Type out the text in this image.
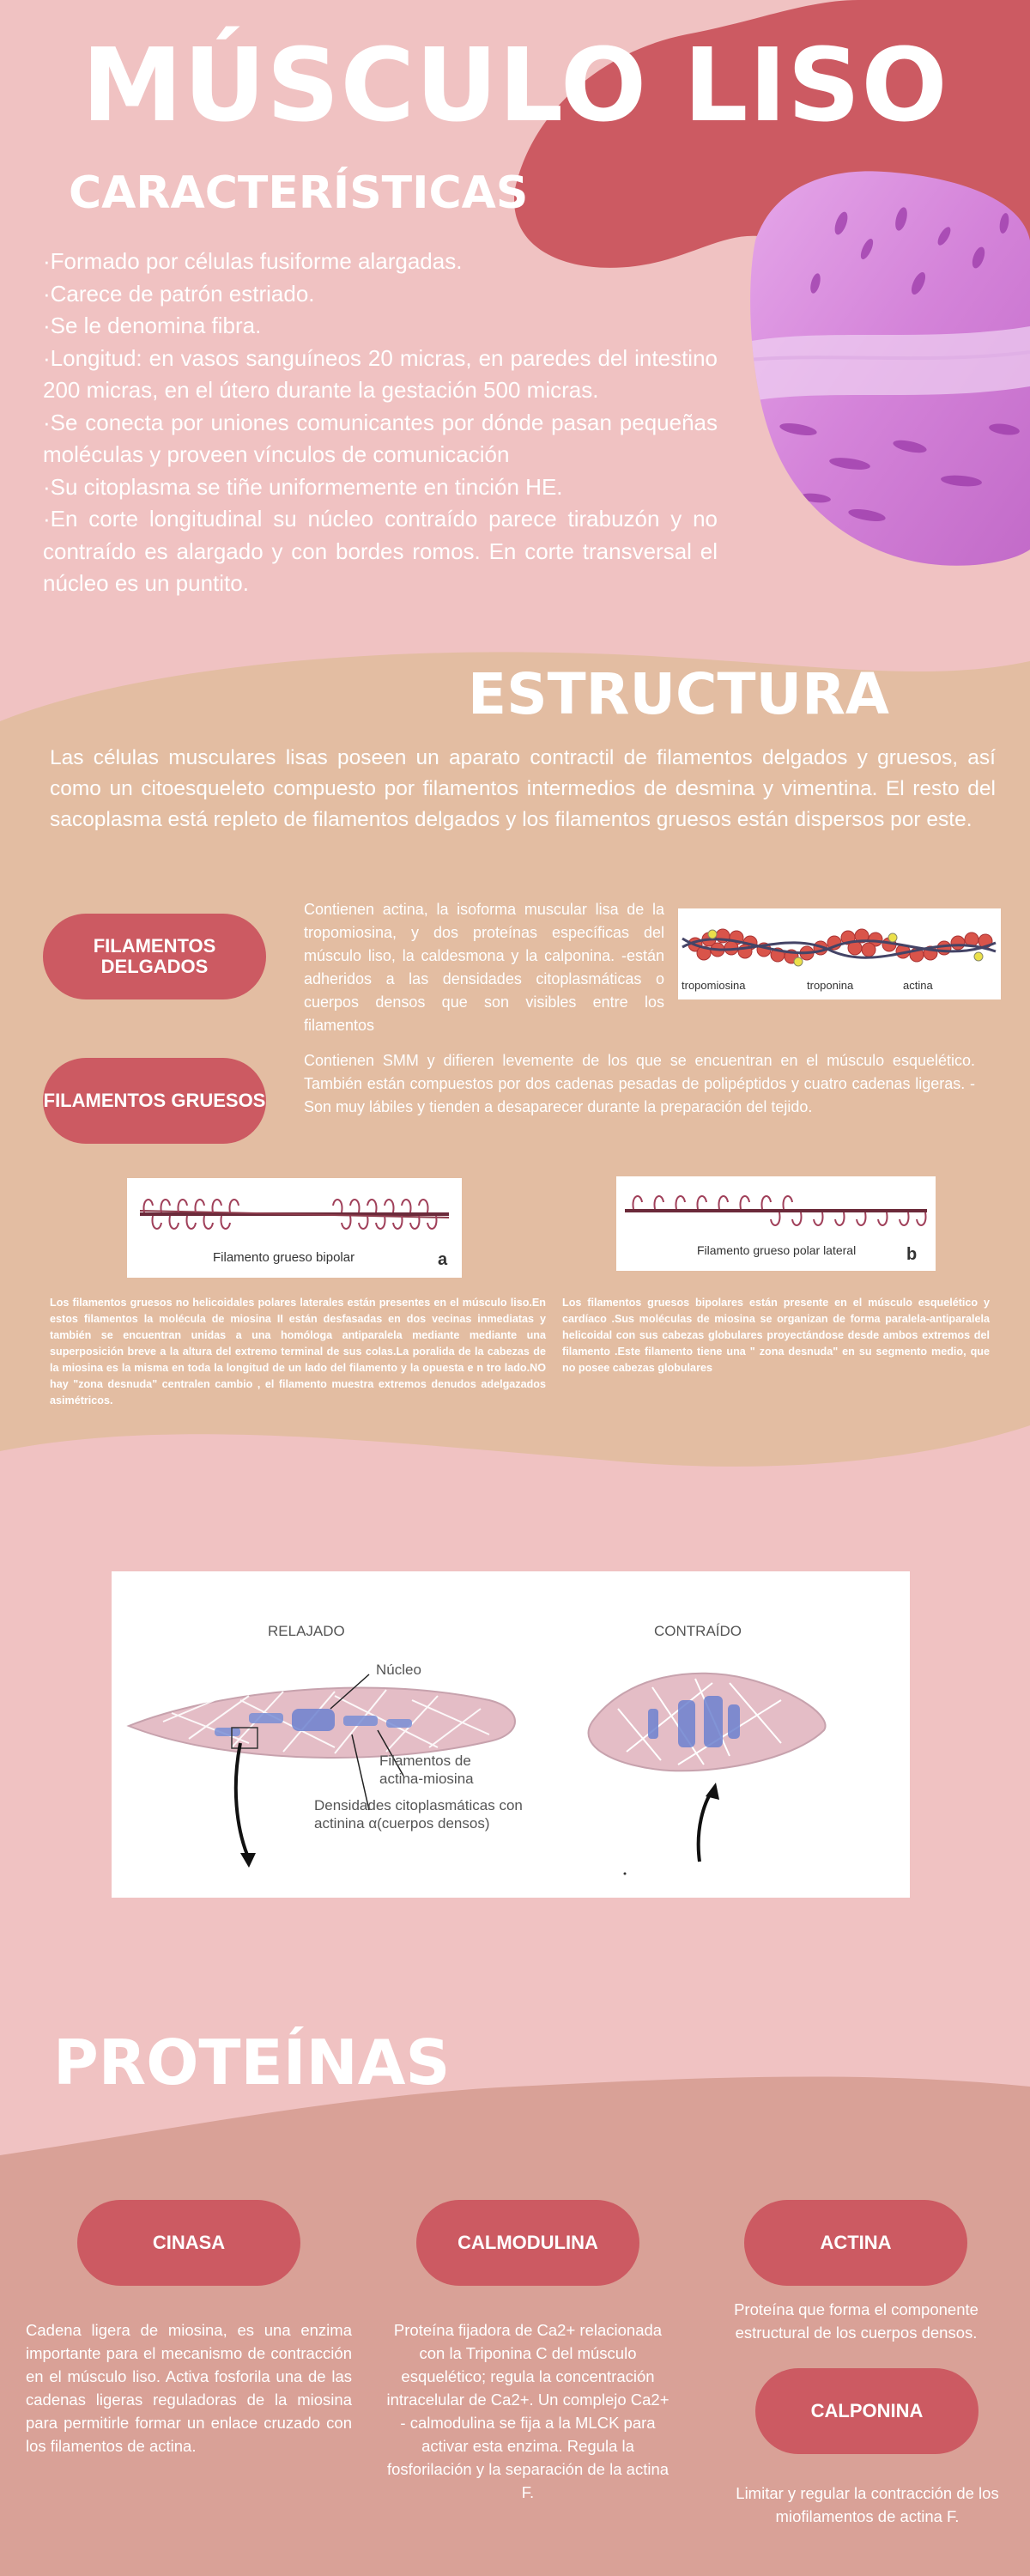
MÚSCULO LISO
CARACTERÍSTICAS

·Formado por células fusiforme alargadas.

·Carece de patrón estriado.

·Se le denomina fibra.

·Longitud: en vasos sanguíneos 20 micras, en paredes del intestino 200 micras, en el útero durante la gestación 500 micras.

·Se conecta por uniones comunicantes por dónde pasan pequeñas moléculas y proveen vínculos de comunicación

·Su citoplasma se tiñe uniformemente en tinción HE.

·En corte longitudinal su núcleo contraído parece tirabuzón y no contraído es alargado y con bordes romos. En corte transversal el núcleo es un puntito.

ESTRUCTURA
Las células musculares lisas poseen un aparato contractil de filamentos delgados y gruesos, así como un citoesqueleto compuesto por filamentos intermedios de desmina y vimentina. El resto del sacoplasma está repleto de filamentos delgados y los filamentos gruesos están dispersos por este.
FILAMENTOS DELGADOS
Contienen actina, la isoforma muscular lisa de la tropomiosina, y dos proteínas específicas del músculo liso, la caldesmona y la calponina. -están adheridos a las densidades citoplasmáticas o cuerpos densos que son visibles entre los filamentos
tropomiosina	troponina	actina
FILAMENTOS GRUESOS
Contienen SMM y difieren levemente de los que se encuentran en el músculo esquelético. También están compuestos por dos cadenas pesadas de polipéptidos y cuatro cadenas ligeras. -Son muy lábiles y tienden a desaparecer durante la preparación del tejido.
Filamento grueso bipolar	a	Filamento grueso polar lateral	b
Los filamentos gruesos no helicoidales polares laterales están presentes en el músculo liso.En estos filamentos la molécula de miosina II están desfasadas en dos vecinas inmediatas y también se encuentran unidas a una homóloga antiparalela mediante mediante una superposición breve a la altura del extremo terminal de sus colas.La poralida de la cabezas de la miosina es la misma en toda la longitud de un lado del filamento y la opuesta e n tro lado.NO hay "zona desnuda" centralen cambio , el filamento muestra extremos denudos adelgazados asimétricos.
Los filamentos gruesos bipolares están presente en el músculo esquelético y cardíaco .Sus moléculas de miosina se organizan de forma paralela-antiparalela helicoidal con sus cabezas globulares proyectándose desde ambos extremos del filamento .Este filamento tiene una " zona desnuda" en su segmento medio, que no posee cabezas globulares
RELAJADO	CONTRAÍDO
Núcleo
Filamentos de actina-miosina
Densidades citoplasmáticas con actinina α(cuerpos densos)
PROTEÍNAS
CINASA
Cadena ligera de miosina, es una enzima importante para el mecanismo de contracción en el músculo liso. Activa fosforila una de las cadenas ligeras reguladoras de la miosina para permitirle formar un enlace cruzado con los filamentos de actina.
CALMODULINA
Proteína fijadora de Ca2+ relacionada con la Triponina C del músculo esquelético; regula la concentración intracelular de Ca2+. Un complejo Ca2+ - calmodulina se fija a la MLCK para activar esta enzima. Regula la fosforilación y la separación de la actina F.
ACTINA
Proteína que forma el componente estructural de los cuerpos densos.
CALPONINA
Limitar y regular la contracción de los miofilamentos de actina F.
